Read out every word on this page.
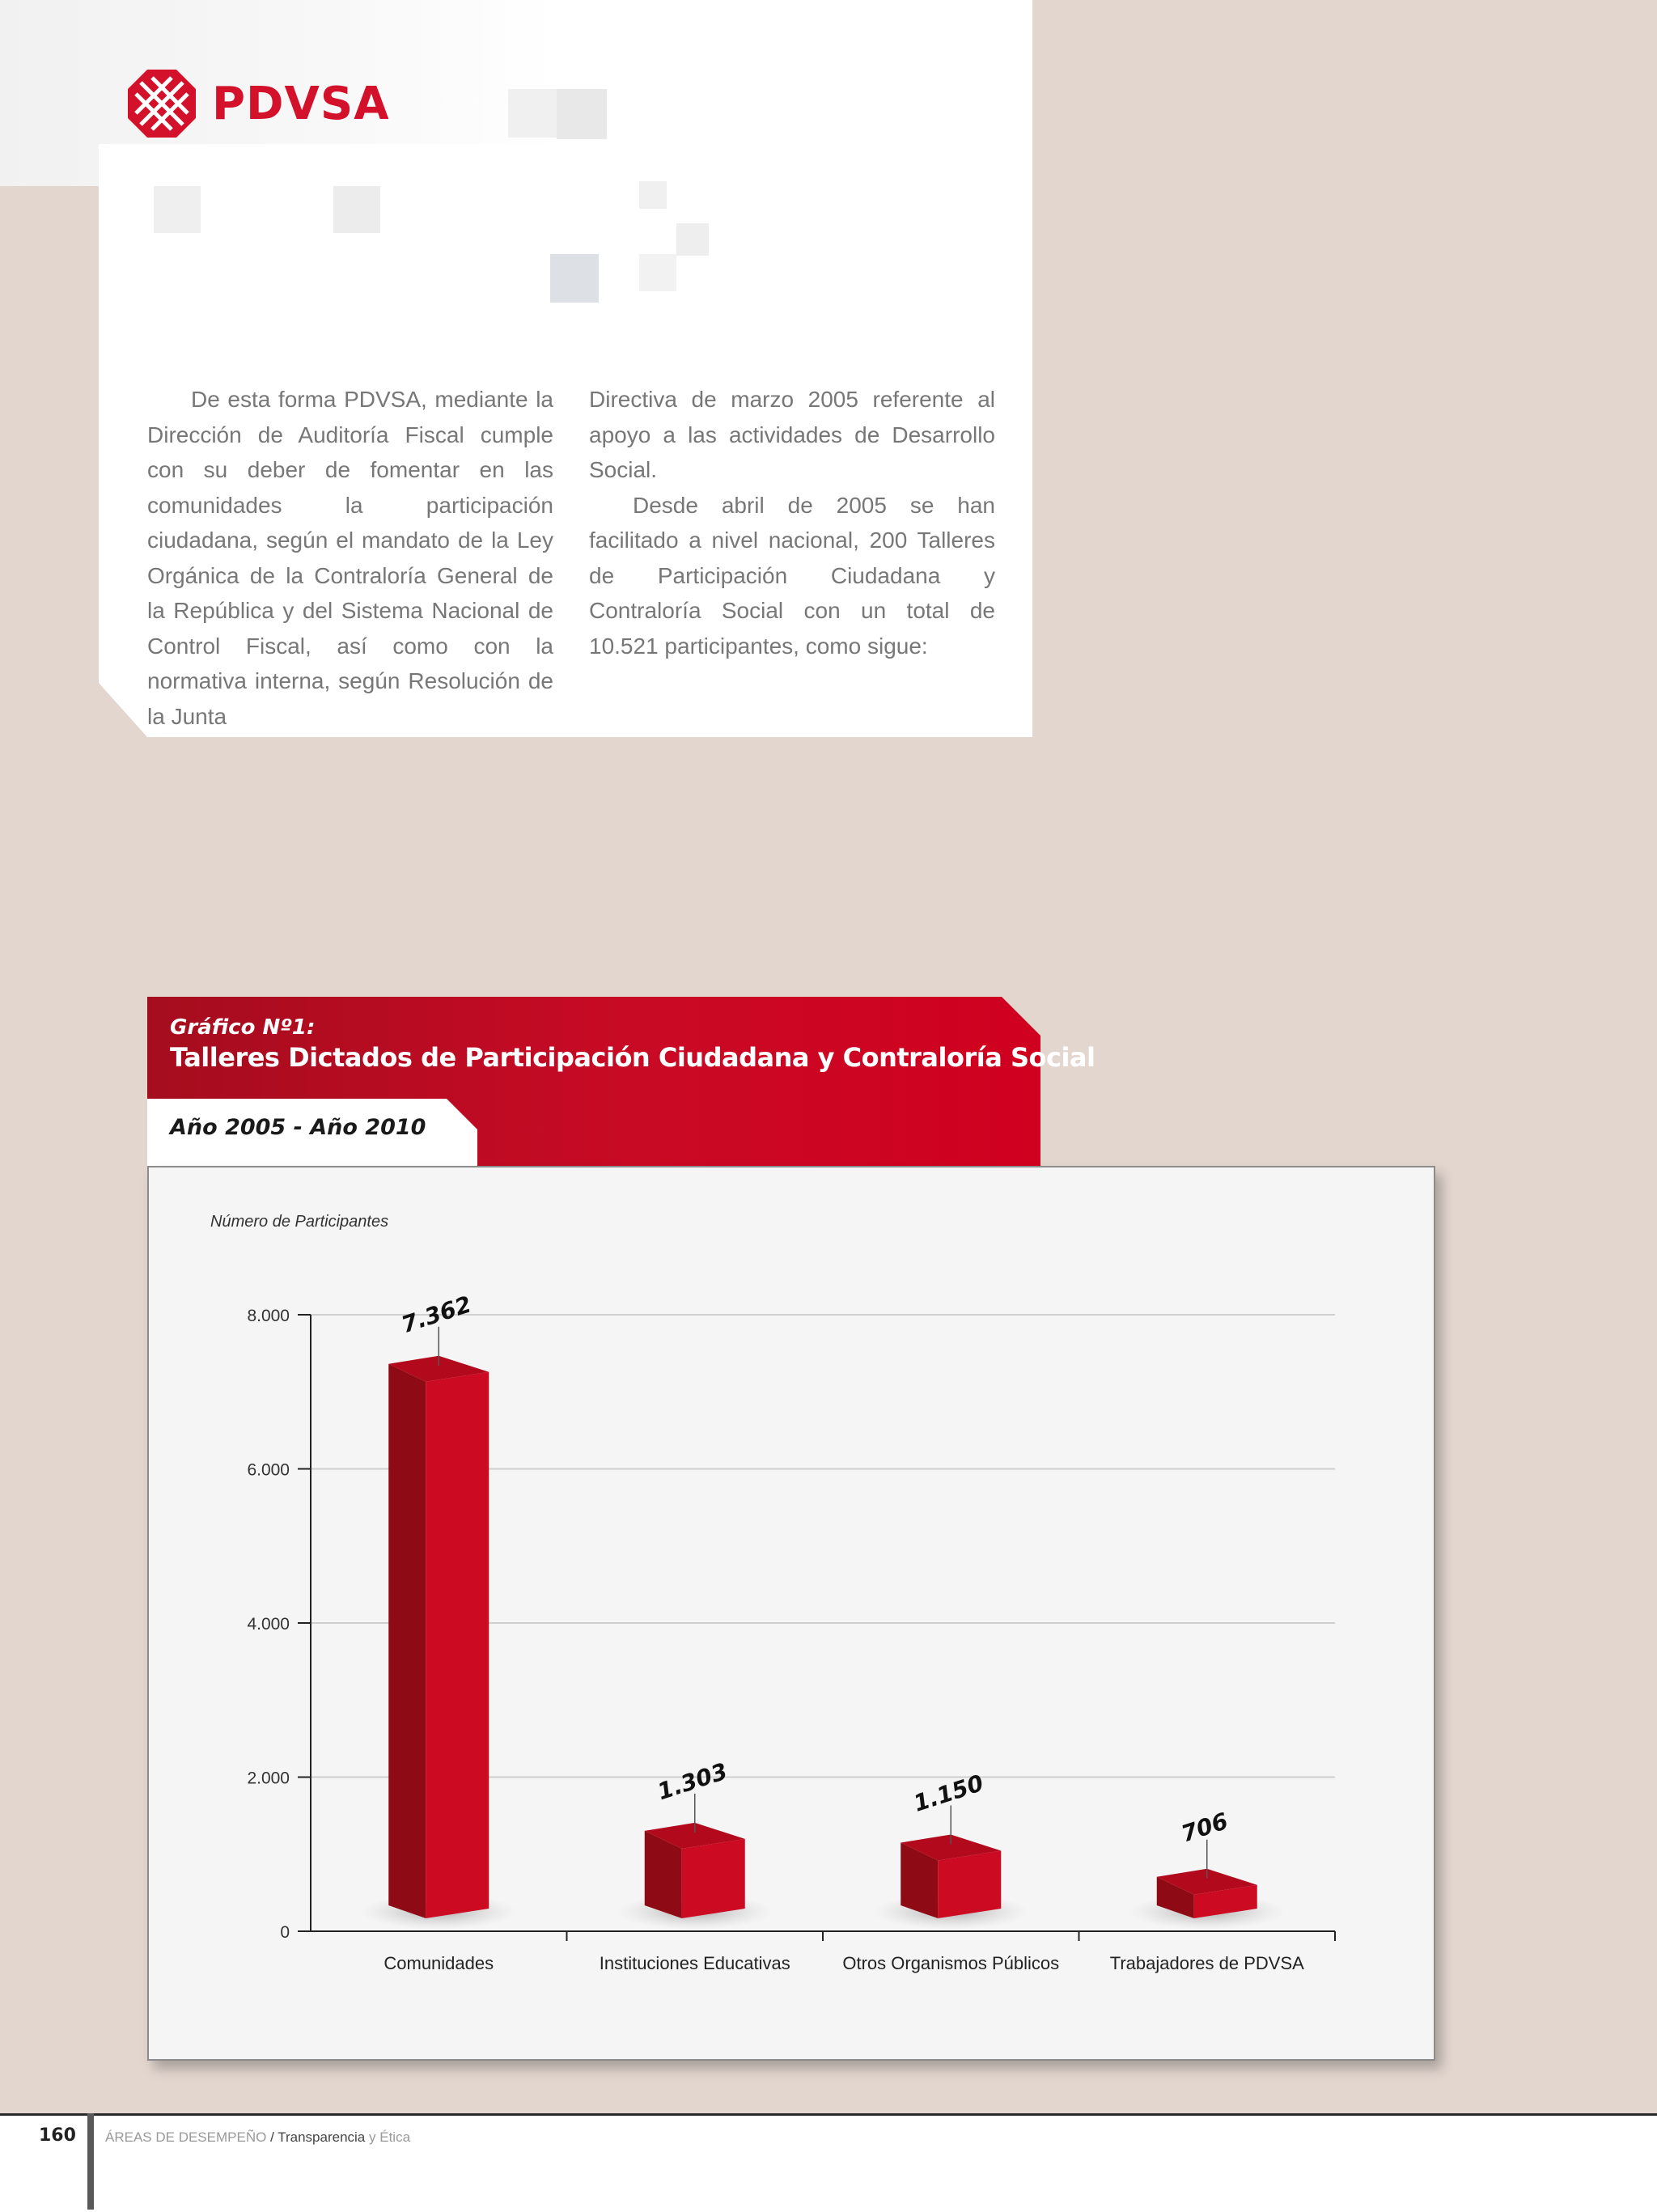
PDVSA

De esta forma PDVSA, mediante la Dirección de Auditoría Fiscal cumple con su deber de fomentar en las comunidades la participación ciudadana, según el mandato de la Ley Orgánica de la Contraloría General de la República y del Sistema Nacional de Control Fiscal, así como con la normativa interna, según Resolución de la Junta

Directiva de marzo 2005 referente al apoyo a las actividades de Desarrollo Social.

Desde abril de 2005 se han facilitado a nivel nacional, 200 Talleres de Participación Ciudadana y Contraloría Social con un total de 10.521 participantes, como sigue:

Gráfico Nº1:
Talleres Dictados de Participación Ciudadana y Contraloría Social
Año 2005 - Año 2010
Número de Participantes
7.362
1.303	1.150
706
0
2.000
4.000
6.000
8.000
Comunidades	Instituciones Educativas	Otros Organismos Públicos	Trabajadores de PDVSA
160 ÁREAS DE DESEMPEÑO / Transparencia y Ética
